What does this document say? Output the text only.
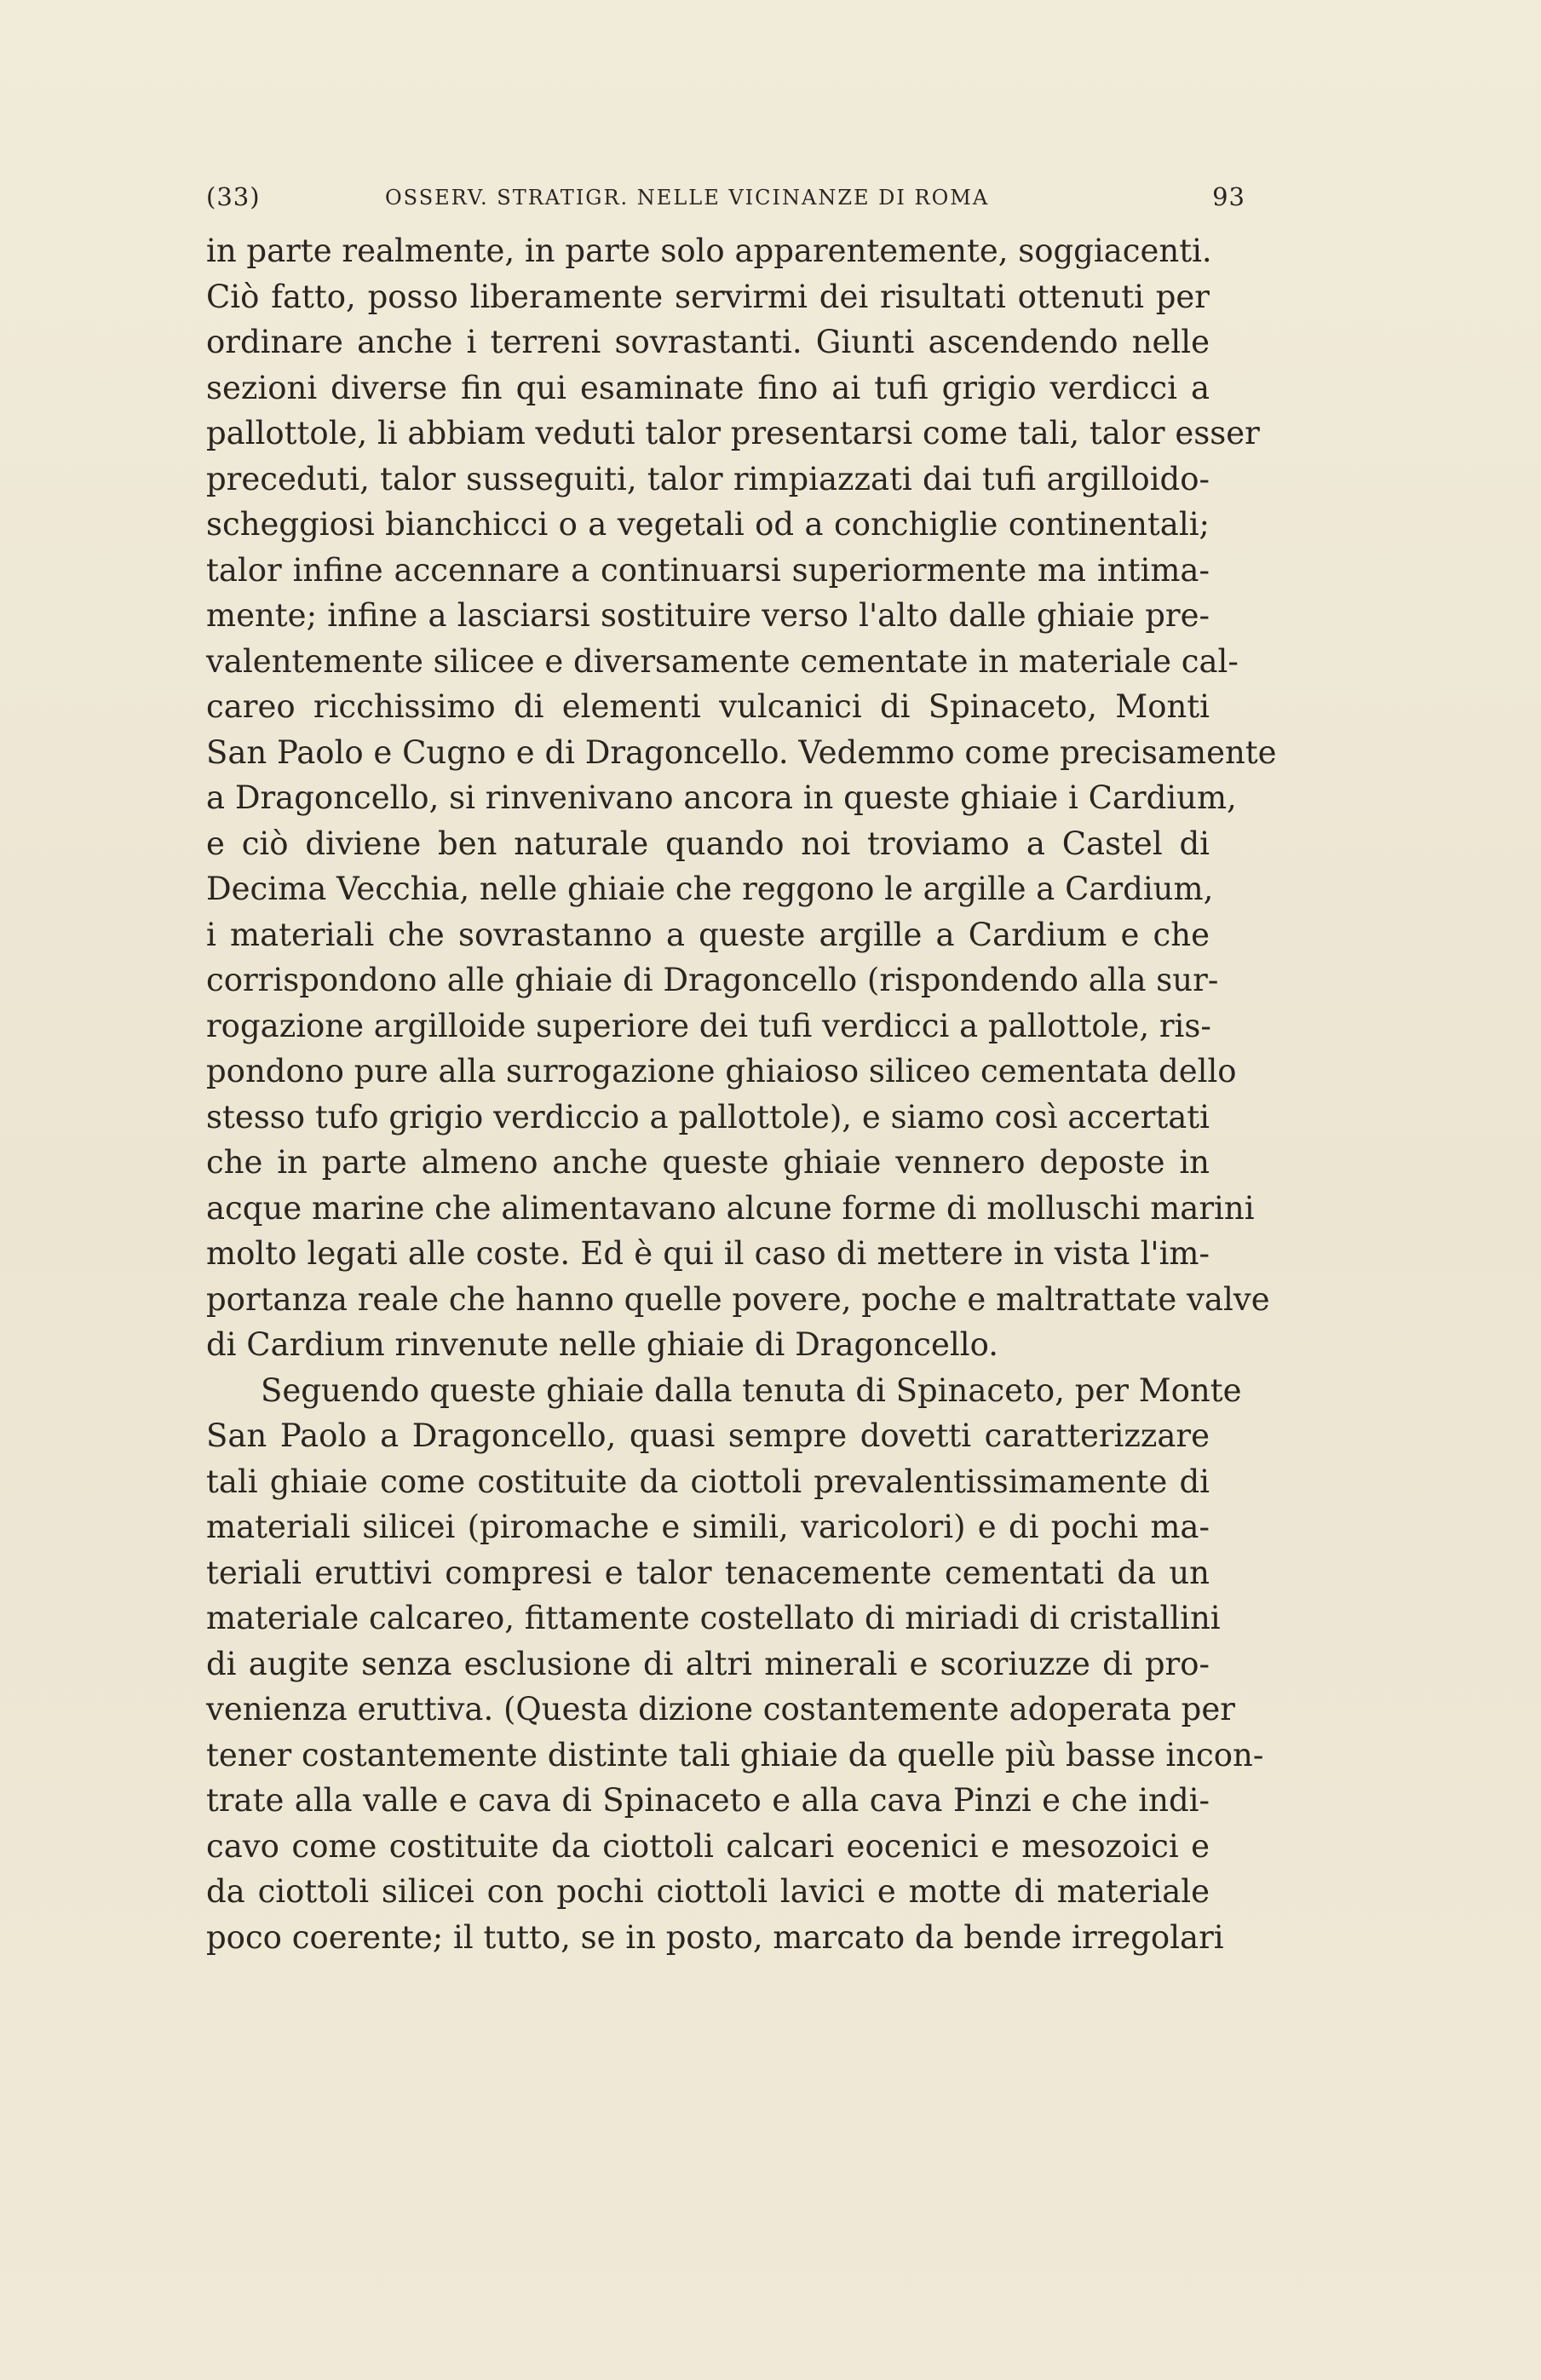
(33)	OSSERV. STRATIGR. NELLE VICINANZE DI ROMA	93
in parte realmente, in parte solo apparentemente, soggiacenti.
Ciò fatto, posso liberamente servirmi dei risultati ottenuti per
ordinare anche i terreni sovrastanti. Giunti ascendendo nelle
sezioni diverse fin qui esaminate fino ai tufi grigio verdicci a
pallottole, li abbiam veduti talor presentarsi come tali, talor esser
preceduti, talor susseguiti, talor rimpiazzati dai tufi argilloido-
scheggiosi bianchicci o a vegetali od a conchiglie continentali;
talor infine accennare a continuarsi superiormente ma intima-
mente; infine a lasciarsi sostituire verso l'alto dalle ghiaie pre-
valentemente silicee e diversamente cementate in materiale cal-
careo ricchissimo di elementi vulcanici di Spinaceto, Monti
San Paolo e Cugno e di Dragoncello. Vedemmo come precisamente
a Dragoncello, si rinvenivano ancora in queste ghiaie i Cardium,
e ciò diviene ben naturale quando noi troviamo a Castel di
Decima Vecchia, nelle ghiaie che reggono le argille a Cardium,
i materiali che sovrastanno a queste argille a Cardium e che
corrispondono alle ghiaie di Dragoncello (rispondendo alla sur-
rogazione argilloide superiore dei tufi verdicci a pallottole, ris-
pondono pure alla surrogazione ghiaioso siliceo cementata dello
stesso tufo grigio verdiccio a pallottole), e siamo così accertati
che in parte almeno anche queste ghiaie vennero deposte in
acque marine che alimentavano alcune forme di molluschi marini
molto legati alle coste. Ed è qui il caso di mettere in vista l'im-
portanza reale che hanno quelle povere, poche e maltrattate valve
di Cardium rinvenute nelle ghiaie di Dragoncello.
Seguendo queste ghiaie dalla tenuta di Spinaceto, per Monte
San Paolo a Dragoncello, quasi sempre dovetti caratterizzare
tali ghiaie come costituite da ciottoli prevalentissimamente di
materiali silicei (piromache e simili, varicolori) e di pochi ma-
teriali eruttivi compresi e talor tenacemente cementati da un
materiale calcareo, fittamente costellato di miriadi di cristallini
di augite senza esclusione di altri minerali e scoriuzze di pro-
venienza eruttiva. (Questa dizione costantemente adoperata per
tener costantemente distinte tali ghiaie da quelle più basse incon-
trate alla valle e cava di Spinaceto e alla cava Pinzi e che indi-
cavo come costituite da ciottoli calcari eocenici e mesozoici e
da ciottoli silicei con pochi ciottoli lavici e motte di materiale
poco coerente; il tutto, se in posto, marcato da bende irregolari
